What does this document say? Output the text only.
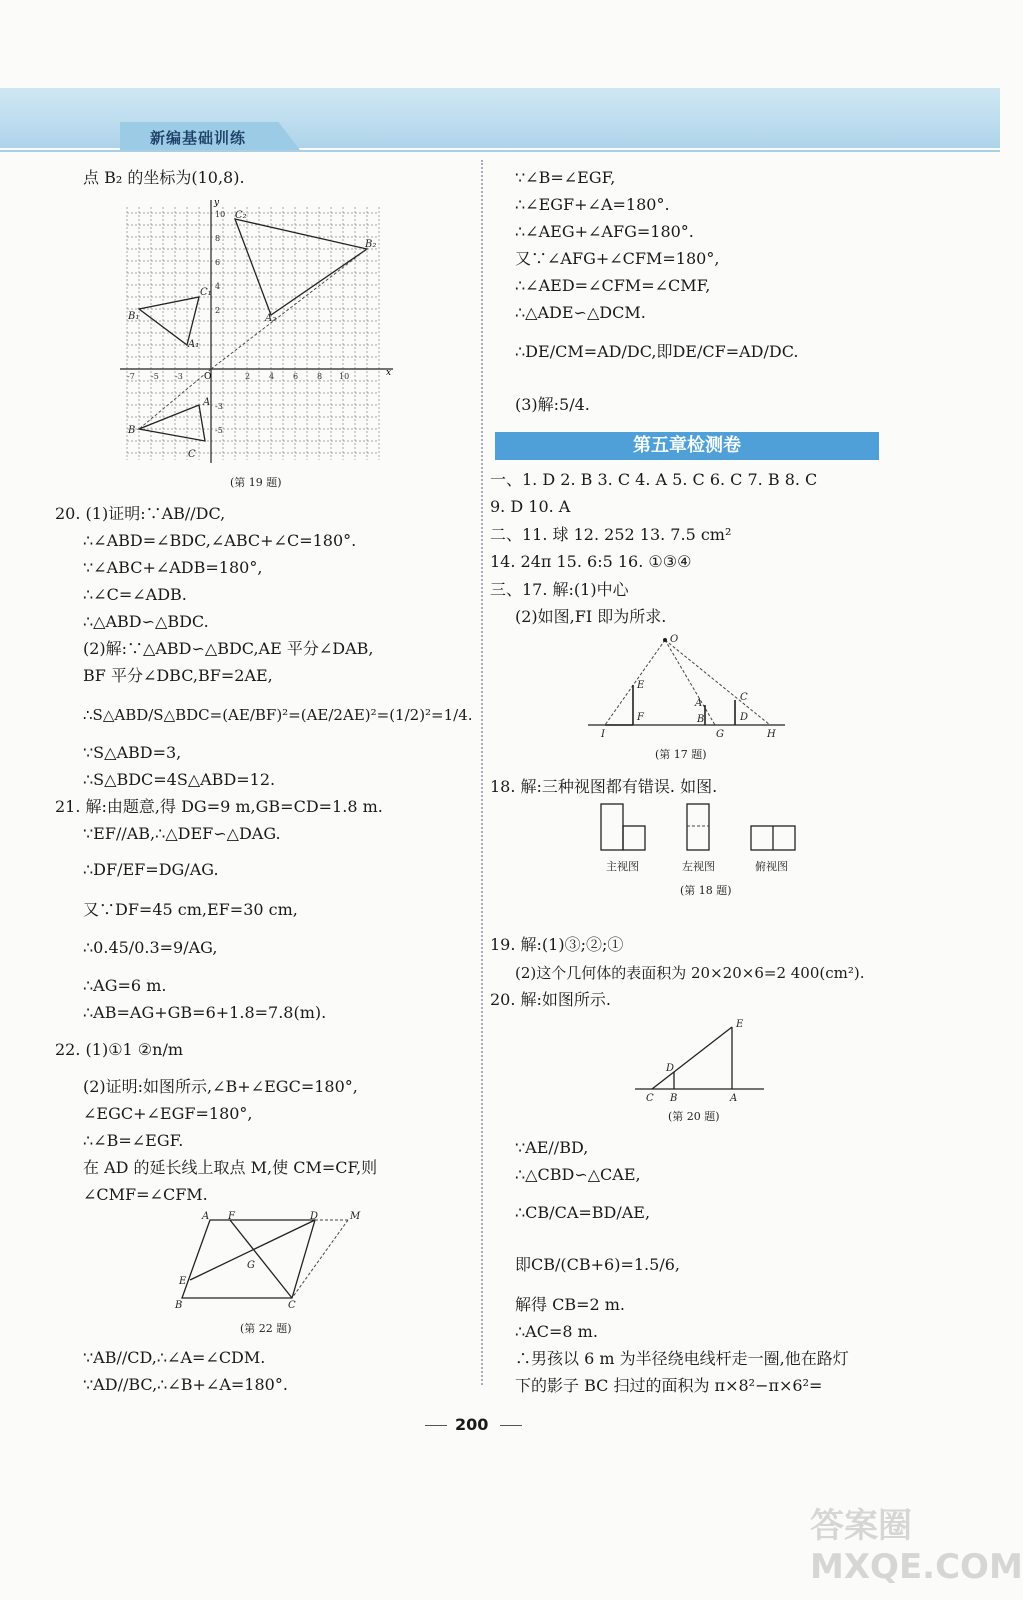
新编基础训练
点 B₂ 的坐标为(10,8).
x
y
O
C₂
B₂
A₂
B₁
C₁
A₁
B
C
A
10
8
6
4
2
2 4 6 8 10
-3
-5
-7
-3
-5
(第 19 题)
20. (1)证明:∵AB//DC,
∴∠ABD=∠BDC,∠ABC+∠C=180°.
∵∠ABC+∠ADB=180°,
∴∠C=∠ADB.
∴△ABD∽△BDC.
(2)解:∵△ABD∽△BDC,AE 平分∠DAB,
BF 平分∠DBC,BF=2AE,
∴S△ABD/S△BDC=(AE/BF)²=(AE/2AE)²=(1/2)²=1/4.
∵S△ABD=3,
∴S△BDC=4S△ABD=12.
21. 解:由题意,得 DG=9 m,GB=CD=1.8 m.
∵EF//AB,∴△DEF∽△DAG.
∴DF/EF=DG/AG.
又∵DF=45 cm,EF=30 cm,
∴0.45/0.3=9/AG,
∴AG=6 m.
∴AB=AG+GB=6+1.8=7.8(m).
22. (1)①1 ②n/m
(2)证明:如图所示,∠B+∠EGC=180°,
∠EGC+∠EGF=180°,
∴∠B=∠EGF.
在 AD 的延长线上取点 M,使 CM=CF,则
∠CMF=∠CFM.
A F	D	M
E
G
B	C
(第 22 题)
∵AB//CD,∴∠A=∠CDM.
∵AD//BC,∴∠B+∠A=180°.
∵∠B=∠EGF,
∴∠EGF+∠A=180°.
∴∠AEG+∠AFG=180°.
又∵∠AFG+∠CFM=180°,
∴∠AED=∠CFM=∠CMF,
∴△ADE∽△DCM.
∴DE/CM=AD/DC,即DE/CF=AD/DC.
(3)解:5/4.
第五章检测卷
一、1. D 2. B 3. C 4. A 5. C 6. C 7. B 8. C
9. D 10. A
二、11. 球 12. 252 13. 7.5 cm²
14. 24π 15. 6:5 16. ①③④
三、17. 解:(1)中心
(2)如图,FI 即为所求.
O
E
F
A
B
G
C
D
H
I
(第 17 题)
18. 解:三种视图都有错误. 如图.
主视图	左视图	俯视图
(第 18 题)
19. 解:(1)③;②;①
(2)这个几何体的表面积为 20×20×6=2 400(cm²).
20. 解:如图所示.
E
D
C B	A
(第 20 题)
∵AE//BD,
∴△CBD∽△CAE,
∴CB/CA=BD/AE,
即CB/(CB+6)=1.5/6,
解得 CB=2 m.
∴AC=8 m.
∴男孩以 6 m 为半径绕电线杆走一圈,他在路灯
下的影子 BC 扫过的面积为 π×8²−π×6²=
200
答案圈 MXQE.COM
